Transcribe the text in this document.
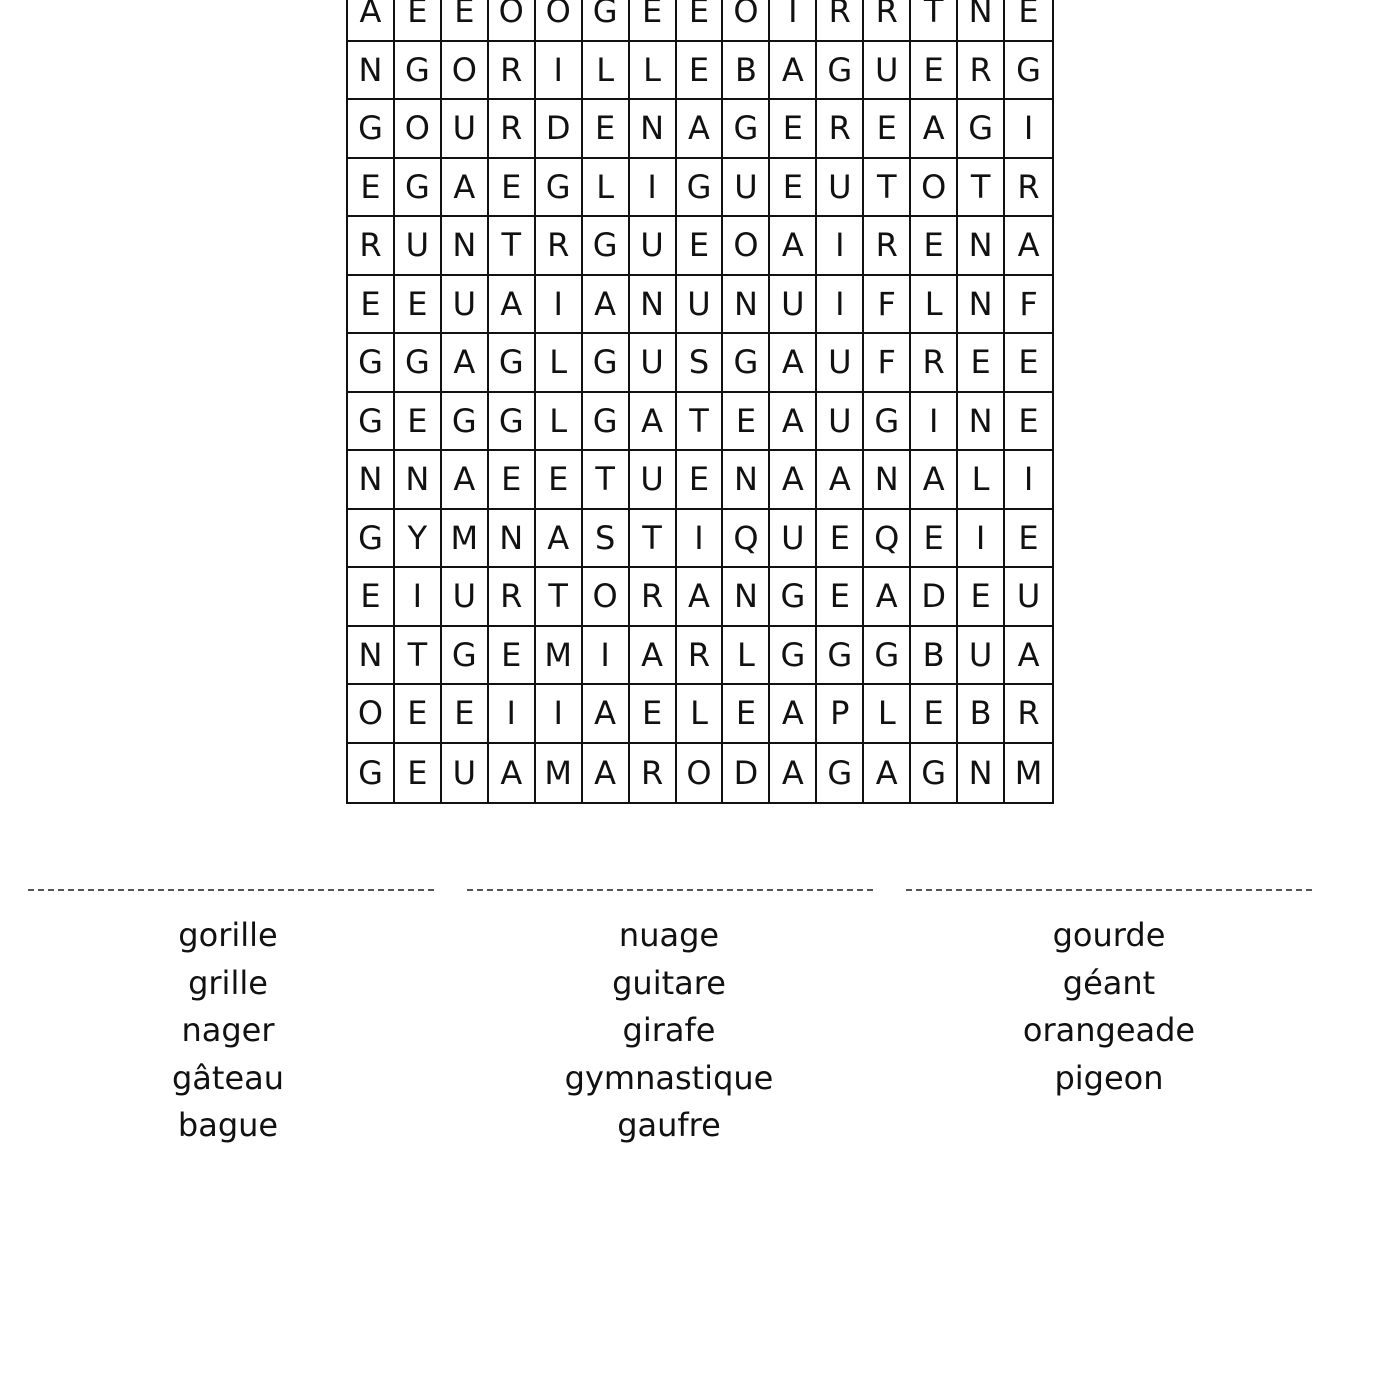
A E E O O G E E O I R R T N E
N G O R I	L L E B A G U E R G
G O U R D E N A G E R E A G I
E G A E G L	I G U E U T O T R
R U N T R G U E O A I R E N A
E E U A I A N U N U I	F L N F
G G A G L G U S G A U F R E E
G E G G L G A T E A U G I N E
N N A E E T U E N A A N A L	I
G Y M N A S T	I Q U E Q E	I	E
E	I U R T O R A N G E A D E U
N T G E M I A R L G G G B U A
O E E	I	I A E L E A P L E B R
G E U A M A R O D A G A G N M
gorille
grille
nager
gâteau
bague
nuage
guitare
girafe
gymnastique
gaufre
gourde
géant
orangeade
pigeon
